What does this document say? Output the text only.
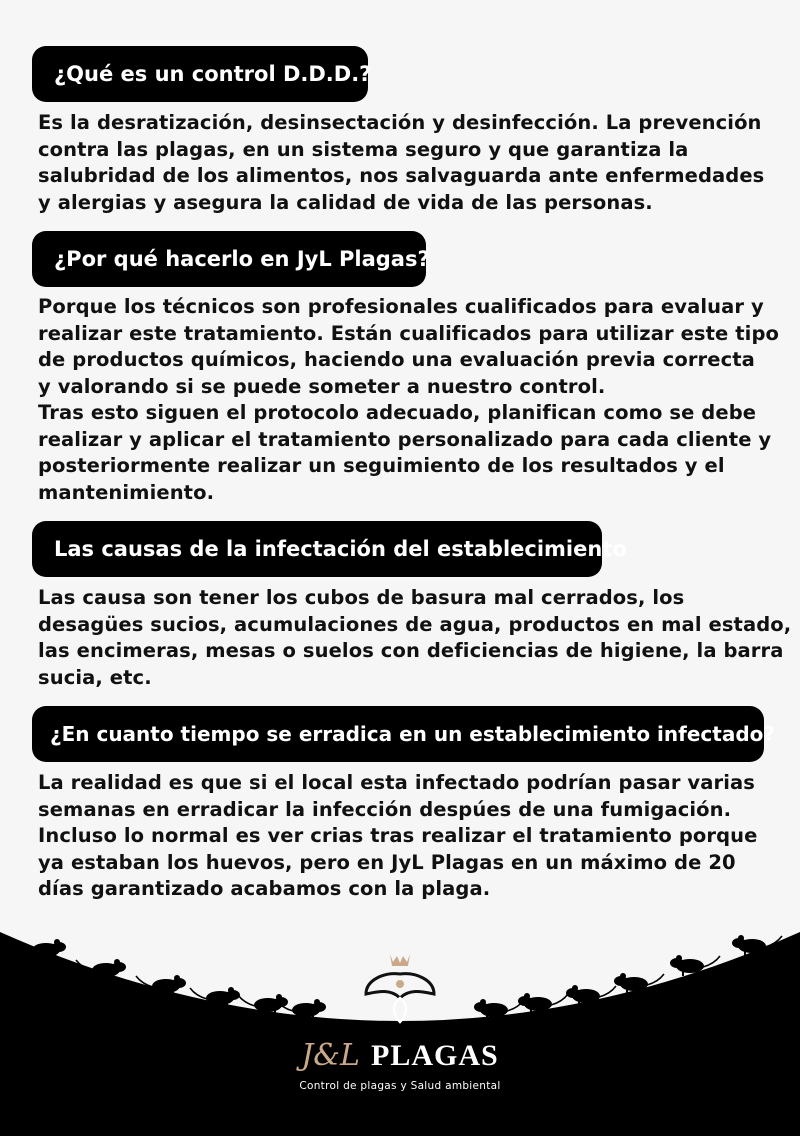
¿Qué es un control D.D.D.?
Es la desratización, desinsectación y desinfección. La prevención
contra las plagas, en un sistema seguro y que garantiza la
salubridad de los alimentos, nos salvaguarda ante enfermedades
y alergias y asegura la calidad de vida de las personas.
¿Por qué hacerlo en JyL Plagas?
Porque los técnicos son profesionales cualificados para evaluar y
realizar este tratamiento. Están cualificados para utilizar este tipo
de productos químicos, haciendo una evaluación previa correcta
y valorando si se puede someter a nuestro control.
Tras esto siguen el protocolo adecuado, planifican como se debe
realizar y aplicar el tratamiento personalizado para cada cliente y
posteriormente realizar un seguimiento de los resultados y el
mantenimiento.
Las causas de la infectación del establecimiento
Las causa son tener los cubos de basura mal cerrados, los
desagües sucios, acumulaciones de agua, productos en mal estado,
las encimeras, mesas o suelos con deficiencias de higiene, la barra
sucia, etc.
¿En cuanto tiempo se erradica en un establecimiento infectado?
La realidad es que si el local esta infectado podrían pasar varias
semanas en erradicar la infección despúes de una fumigación.
Incluso lo normal es ver crias tras realizar el tratamiento porque
ya estaban los huevos, pero en JyL Plagas en un máximo de 20
días garantizado acabamos con la plaga.
J&L PLAGAS
Control de plagas y Salud ambiental
